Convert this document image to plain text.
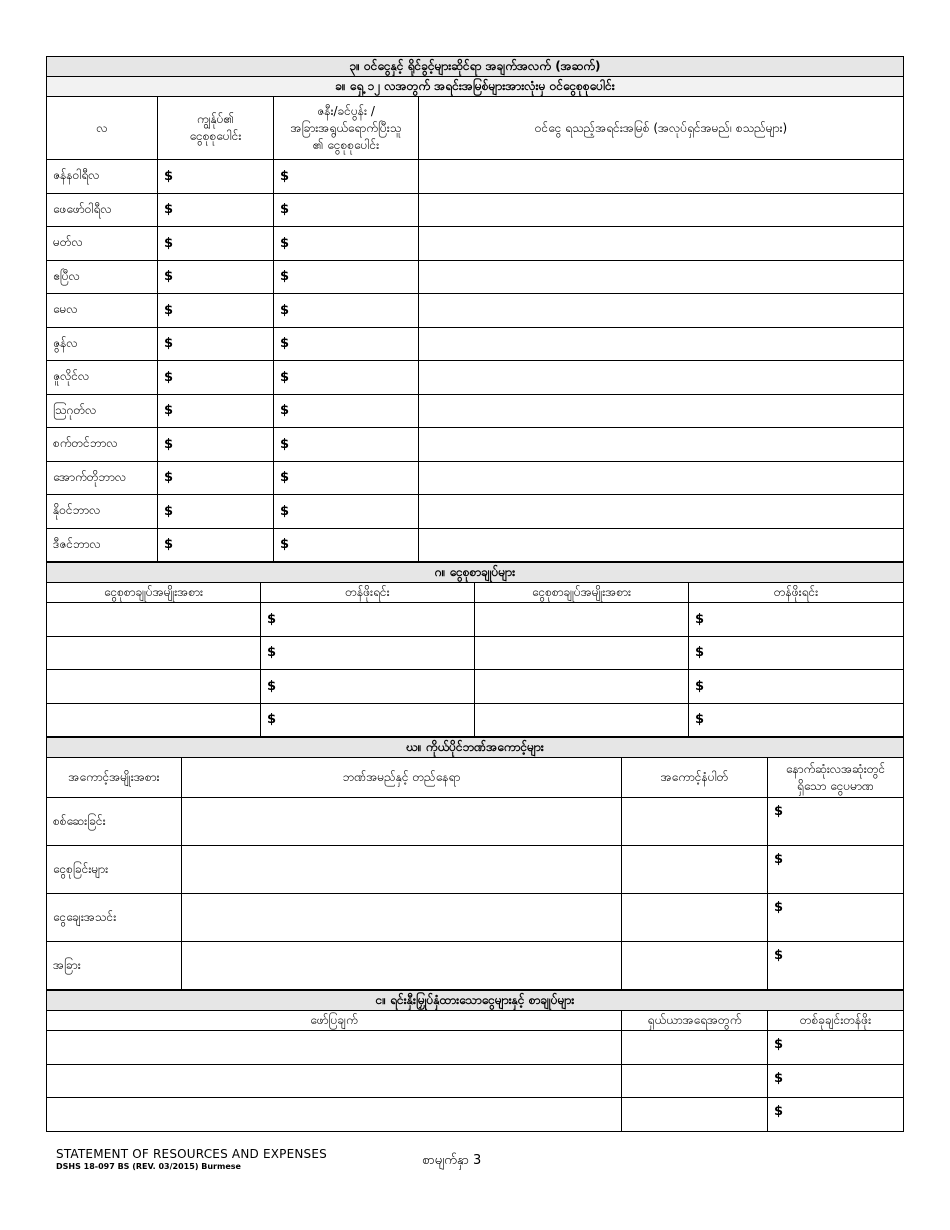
၃။ ဝင်ငွေနှင့် ရိုင်ခွင့်များဆိုင်ရာ အချက်အလက် (အဆက်)			
ခ။ ရှေ့ ၁၂ လအတွက် အရင်းအမြစ်များအားလုံးမှ ဝင်ငွေစုစုပေါင်း			
လ	ကျွန်ုပ်၏
ငွေစုစုပေါင်း	ဇနီး/ခင်ပွန်း /
အခြားအရွယ်ရောက်ပြီးသူ
၏ ငွေစုစုပေါင်း	ဝင်ငွေ ရသည့်အရင်းအမြစ် (အလုပ်ရှင်အမည်၊ စသည်များ)
ဇန်နဝါရီလ	$	$	
ဖေဖော်ဝါရီလ	$	$	
မတ်လ	$	$	
ဧပြီလ	$	$	
မေလ	$	$	
ဇွန်လ	$	$	
ဇူလိုင်လ	$	$	
ဩဂုတ်လ	$	$	
စက်တင်ဘာလ	$	$	
အောက်တိုဘာလ	$	$	
နိုဝင်ဘာလ	$	$	
ဒီဇင်ဘာလ	$	$	
ဂ။ ငွေစုစာချုပ်များ			
ငွေစုစာချုပ်အမျိုးအစား	တန်ဖိုးရင်း	ငွေစုစာချုပ်အမျိုးအစား	တန်ဖိုးရင်း
	$		$
	$		$
	$		$
	$		$
ဃ။ ကိုယ်ပိုင်ဘဏ်အကောင့်များ			
အကောင့်အမျိုးအစား	ဘဏ်အမည်နှင့် တည်နေရာ	အကောင့်နံပါတ်	နောက်ဆုံးလအဆုံးတွင်
ရှိသော ငွေပမာဏ
စစ်ဆေးခြင်း			$
ငွေစုခြင်းများ			$
ငွေချေးအသင်း			$
အခြား			$
င။ ရင်းနှီးမြှုပ်နှံထားသောငွေများနှင့် စာချုပ်များ		
ဖော်ပြချက်	ရှယ်ယာအရေအတွက်	တစ်ခုချင်းတန်ဖိုး
		$
		$
		$
STATEMENT OF RESOURCES AND EXPENSES
DSHS 18-097 BS (REV. 03/2015) Burmese	စာမျက်နှာ 3
